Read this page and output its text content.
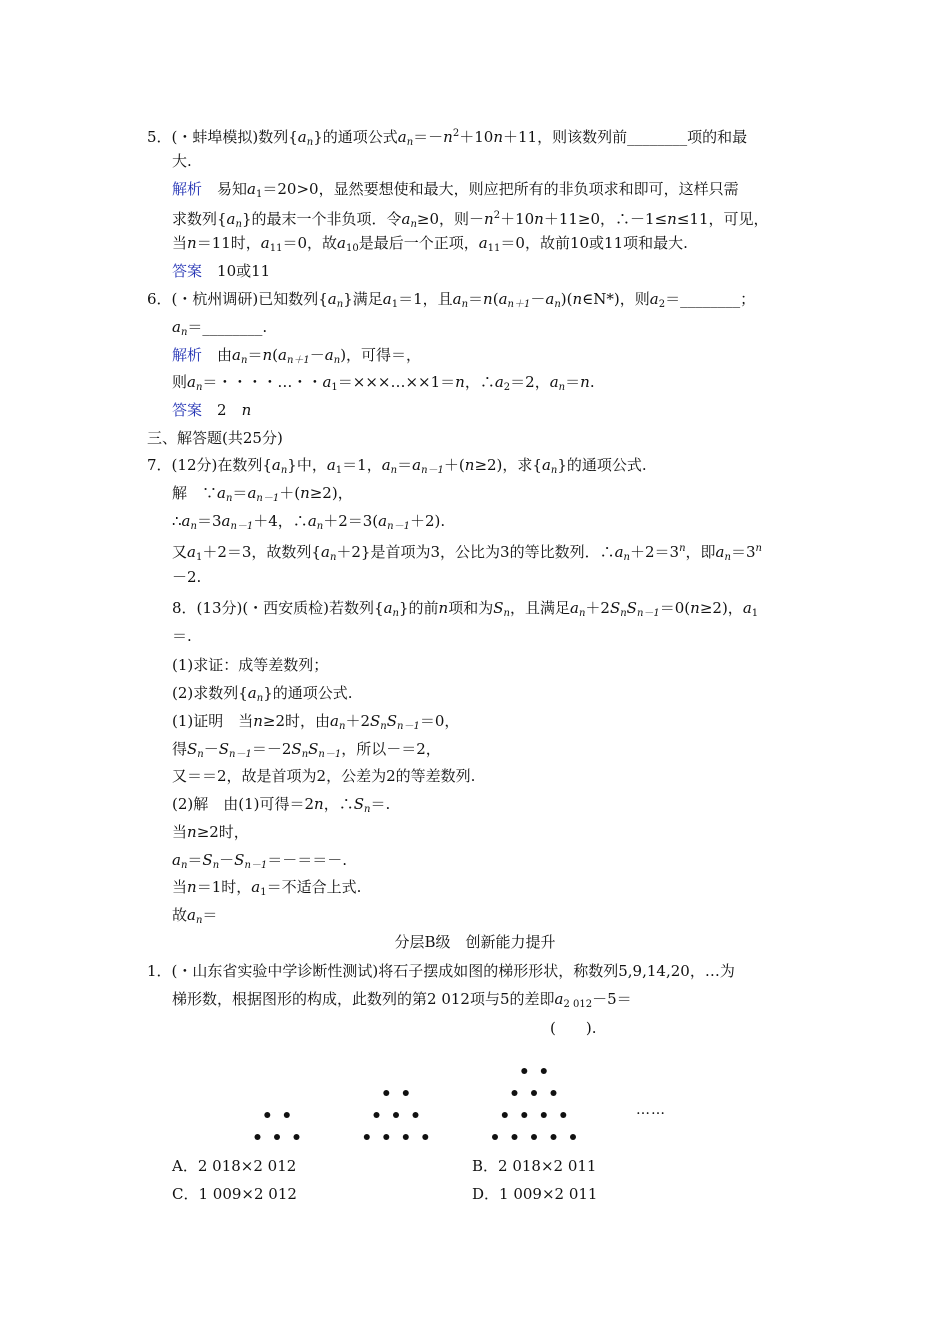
5．(・蚌埠模拟)数列$\{a_n\}$的通项公式$a_n=-n^2+10n+11$，则该数列前________项的和最
大.
解析　 易知$a_1=20>0$，显然要想使和最大，则应把所有的非负项求和即可，这样只需
求数列$\{a_n\}$的最末一个非负项．令$a_n\ge 0$，则$-n^2+10n+11\ge 0$，∴－1≤n≤11，可见，
当n＝11时，$a_{11}=0$，故$a_{10}$是最后一个正项，$a_{11}=0$，故前10或11项和最大.
答案　 10或11
6．(・杭州调研)已知数列$\{a_n\}$满足$a_1=1$，且$a_n=n(a_{n+1}-a_n)(n\in N*)$，则$a_2=\_\_\_\_\_\_\_\_$；
$a_n=\_\_\_\_\_\_\_\_$.
解析　 由$a_n=n(a_{n+1}-a_n)$，可得＝，
则$a_n=$・・・・…・・$a_1=\times\times\times\dots\times\times 1=n$，$\therefore a_2=2$，$a_n=n$.
答案　 2　 n
三、解答题(共25分)
7．(12分)在数列$\{a_n\}$中，$a_1=1$，$a_n=a_{n-1}+(n\ge 2)$，求$\{a_n\}$的通项公式.
解　$\because a_n=a_{n-1}+(n\ge 2)$，
$\therefore a_n=3a_{n-1}+4$，$\therefore a_n+2=3(a_{n-1}+2)$.
又$a_1+2=3$，故数列$\{a_n+2\}$是首项为3，公比为3的等比数列．$\therefore a_n+2=3^n$，即$a_n=3^n$
－2.
8．(13分)(・西安质检)若数列$\{a_n\}$的前n项和为$S_n$，且满足$a_n+2S_nS_{n-1}=0(n\ge 2)$，$a_1$
＝.
(1)求证：成等差数列；
(2)求数列$\{a_n\}$的通项公式.
(1)证明　当n≥2时，由$a_n+2S_nS_{n-1}=0$，
得$S_n-S_{n-1}=-2S_nS_{n-1}$，所以－＝2，
又＝＝2，故是首项为2，公差为2的等差数列.
(2)解　由(1)可得＝2n，$\therefore S_n=$.
当n≥2时，
$a_n=S_n-S_{n-1}=-==-$.
当n＝1时，$a_1=$不适合上式.
故$a_n=$
分层B级　创新能力提升
1．(・山东省实验中学诊断性测试)将石子摆成如图的梯形形状，称数列5,9,14,20，…为
梯形数，根据图形的构成，此数列的第2 012项与5的差即$a_{2 012}-5=$
(　　).
……
A．2 018×2 012	B．2 018×2 011
C．1 009×2 012	D．1 009×2 011
